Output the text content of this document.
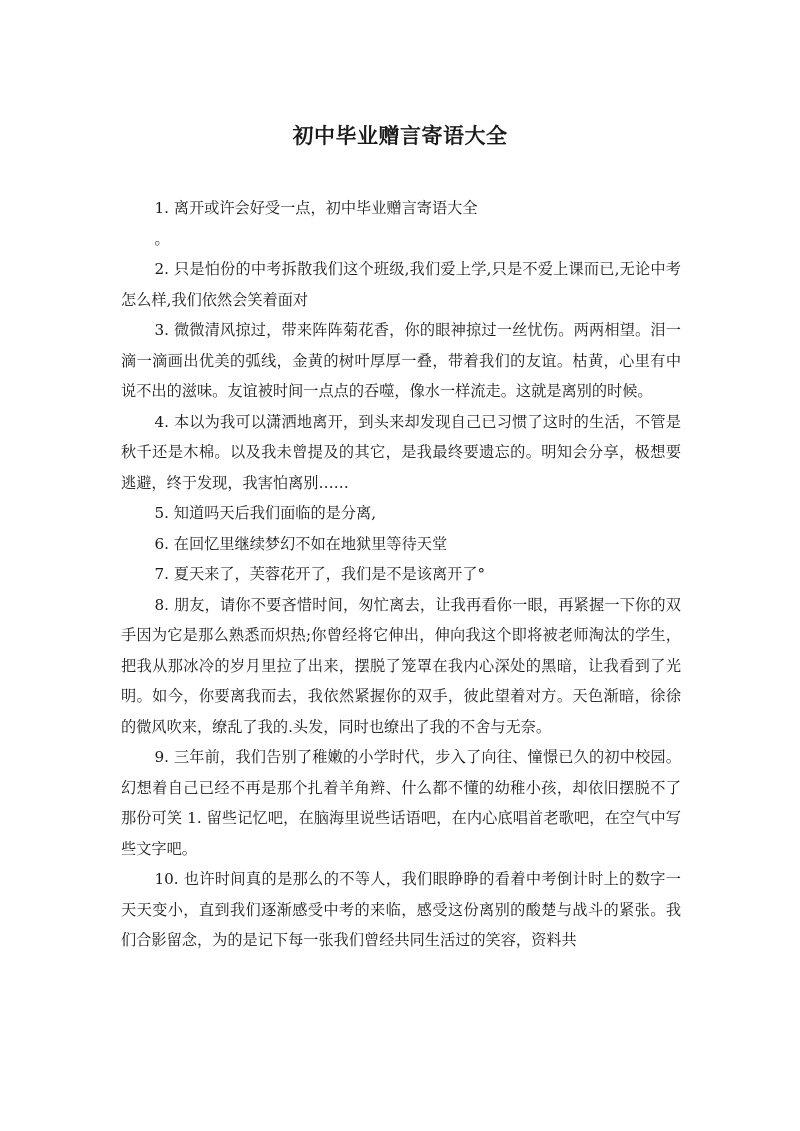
初中毕业赠言寄语大全

1. 离开或许会好受一点，初中毕业赠言寄语大全

。

2. 只是怕份的中考拆散我们这个班级,我们爱上学,只是不爱上课而已,无论中考怎么样,我们依然会笑着面对

3. 微微清风掠过，带来阵阵菊花香，你的眼神掠过一丝忧伤。两两相望。泪一滴一滴画出优美的弧线，金黄的树叶厚厚一叠，带着我们的友谊。枯黄，心里有中说不出的滋味。友谊被时间一点点的吞噬，像水一样流走。这就是离别的时候。

4. 本以为我可以潇洒地离开，到头来却发现自己已习惯了这时的生活，不管是秋千还是木棉。以及我未曾提及的其它，是我最终要遗忘的。明知会分享，极想要逃避，终于发现，我害怕离别……

5. 知道吗天后我们面临的是分离,

6. 在回忆里继续梦幻不如在地狱里等待天堂

7. 夏天来了，芙蓉花开了，我们是不是该离开了°

8. 朋友，请你不要吝惜时间，匆忙离去，让我再看你一眼，再紧握一下你的双手因为它是那么熟悉而炽热;你曾经将它伸出，伸向我这个即将被老师淘汰的学生，把我从那冰冷的岁月里拉了出来，摆脱了笼罩在我内心深处的黑暗，让我看到了光明。如今，你要离我而去，我依然紧握你的双手，彼此望着对方。天色渐暗，徐徐的微风吹来，缭乱了我的.头发，同时也缭出了我的不舍与无奈。

9. 三年前，我们告别了稚嫩的小学时代，步入了向往、憧憬已久的初中校园。幻想着自己已经不再是那个扎着羊角辫、什么都不懂的幼稚小孩，却依旧摆脱不了那份可笑 1. 留些记忆吧，在脑海里说些话语吧，在内心底唱首老歌吧，在空气中写些文字吧。

10. 也许时间真的是那么的不等人，我们眼睁睁的看着中考倒计时上的数字一天天变小，直到我们逐渐感受中考的来临，感受这份离别的酸楚与战斗的紧张。我们合影留念，为的是记下每一张我们曾经共同生活过的笑容，资料共
